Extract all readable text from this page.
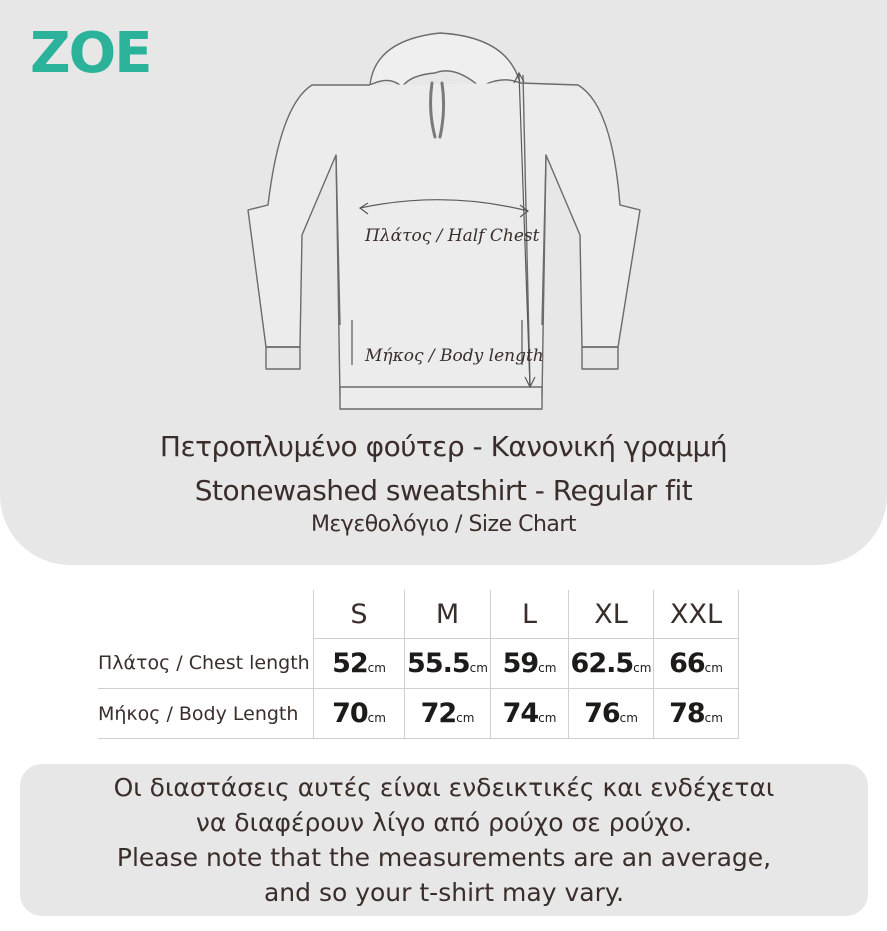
ZOE
Πλάτος / Half Chest
Μήκος / Body length
Πετροπλυμένο φούτερ - Κανονική γραμμή
Stonewashed sweatshirt - Regular fit
Μεγεθολόγιο / Size Chart
	S	M	L	XL	XXL
Πλάτος / Chest length	52cm	55.5cm	59cm	62.5cm	66cm
Μήκος / Body Length	70cm	72cm	74cm	76cm	78cm
Οι διαστάσεις αυτές είναι ενδεικτικές και ενδέχεται
να διαφέρουν λίγο από ρούχο σε ρούχο.
Please note that the measurements are an average,
and so your t-shirt may vary.
